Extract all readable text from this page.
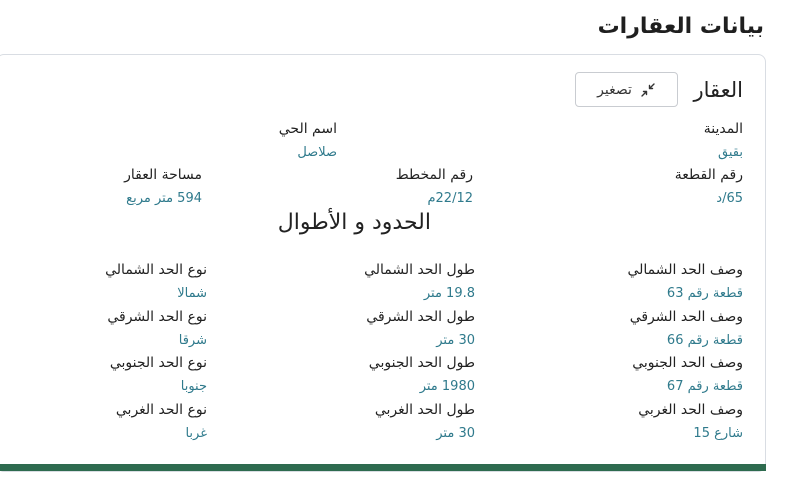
بيانات العقارات
العقار
تصغير
المدينة
بقيق
اسم الحي
صلاصل
رقم القطعة
65/د
رقم المخطط
22/12م
مساحة العقار
594 متر مربع
الحدود و الأطوال
وصف الحد الشمالي
قطعة رقم 63
طول الحد الشمالي
19.8 متر
نوع الحد الشمالي
شمالا
وصف الحد الشرقي
قطعة رقم 66
طول الحد الشرقي
30 متر
نوع الحد الشرقي
شرقا
وصف الحد الجنوبي
قطعة رقم 67
طول الحد الجنوبي
1980 متر
نوع الحد الجنوبي
جنوبا
وصف الحد الغربي
شارع 15
طول الحد الغربي
30 متر
نوع الحد الغربي
غربا
